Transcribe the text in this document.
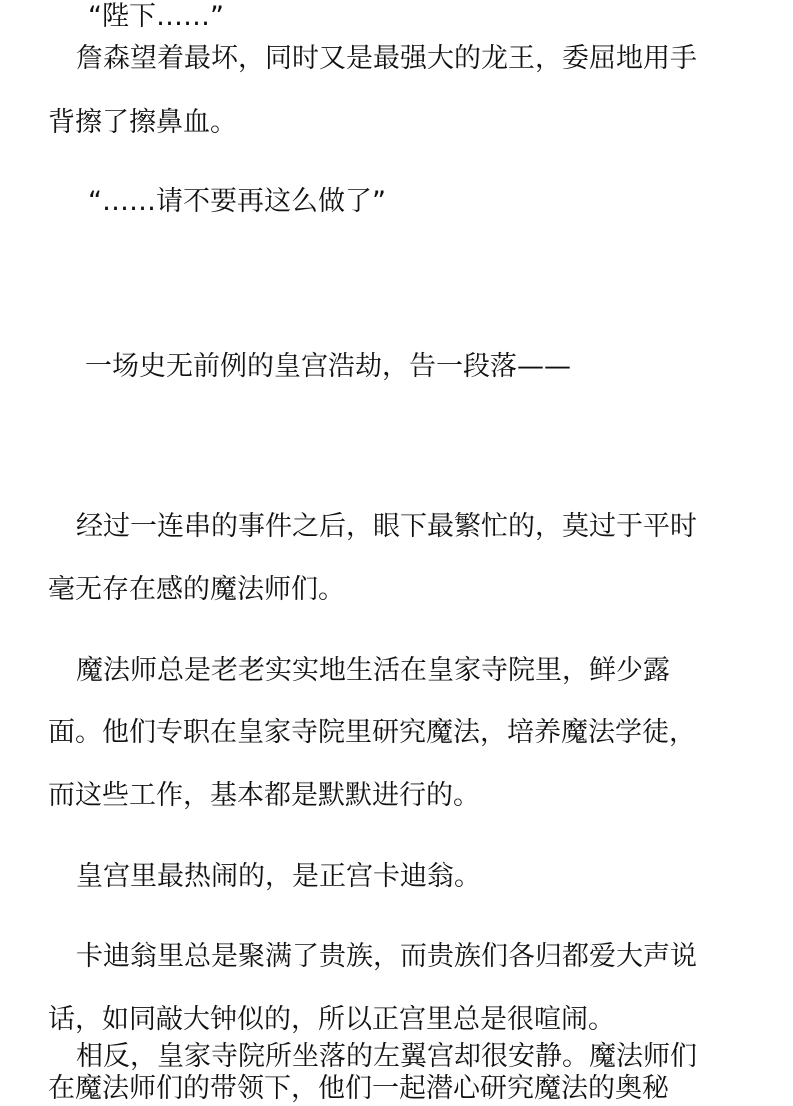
“陛下……”
詹森望着最坏，同时又是最强大的龙王，委屈地用手
背擦了擦鼻血。
“……请不要再这么做了”
一场史无前例的皇宫浩劫，告一段落——
经过一连串的事件之后，眼下最繁忙的，莫过于平时
毫无存在感的魔法师们。
魔法师总是老老实实地生活在皇家寺院里，鲜少露
面。他们专职在皇家寺院里研究魔法，培养魔法学徒，
而这些工作，基本都是默默进行的。
皇宫里最热闹的，是正宫卡迪翁。
卡迪翁里总是聚满了贵族，而贵族们各归都爱大声说
话，如同敲大钟似的，所以正宫里总是很喧闹。
相反，皇家寺院所坐落的左翼宫却很安静。魔法师们
在魔法师们的带领下，他们一起潜心研究魔法的奥秘
